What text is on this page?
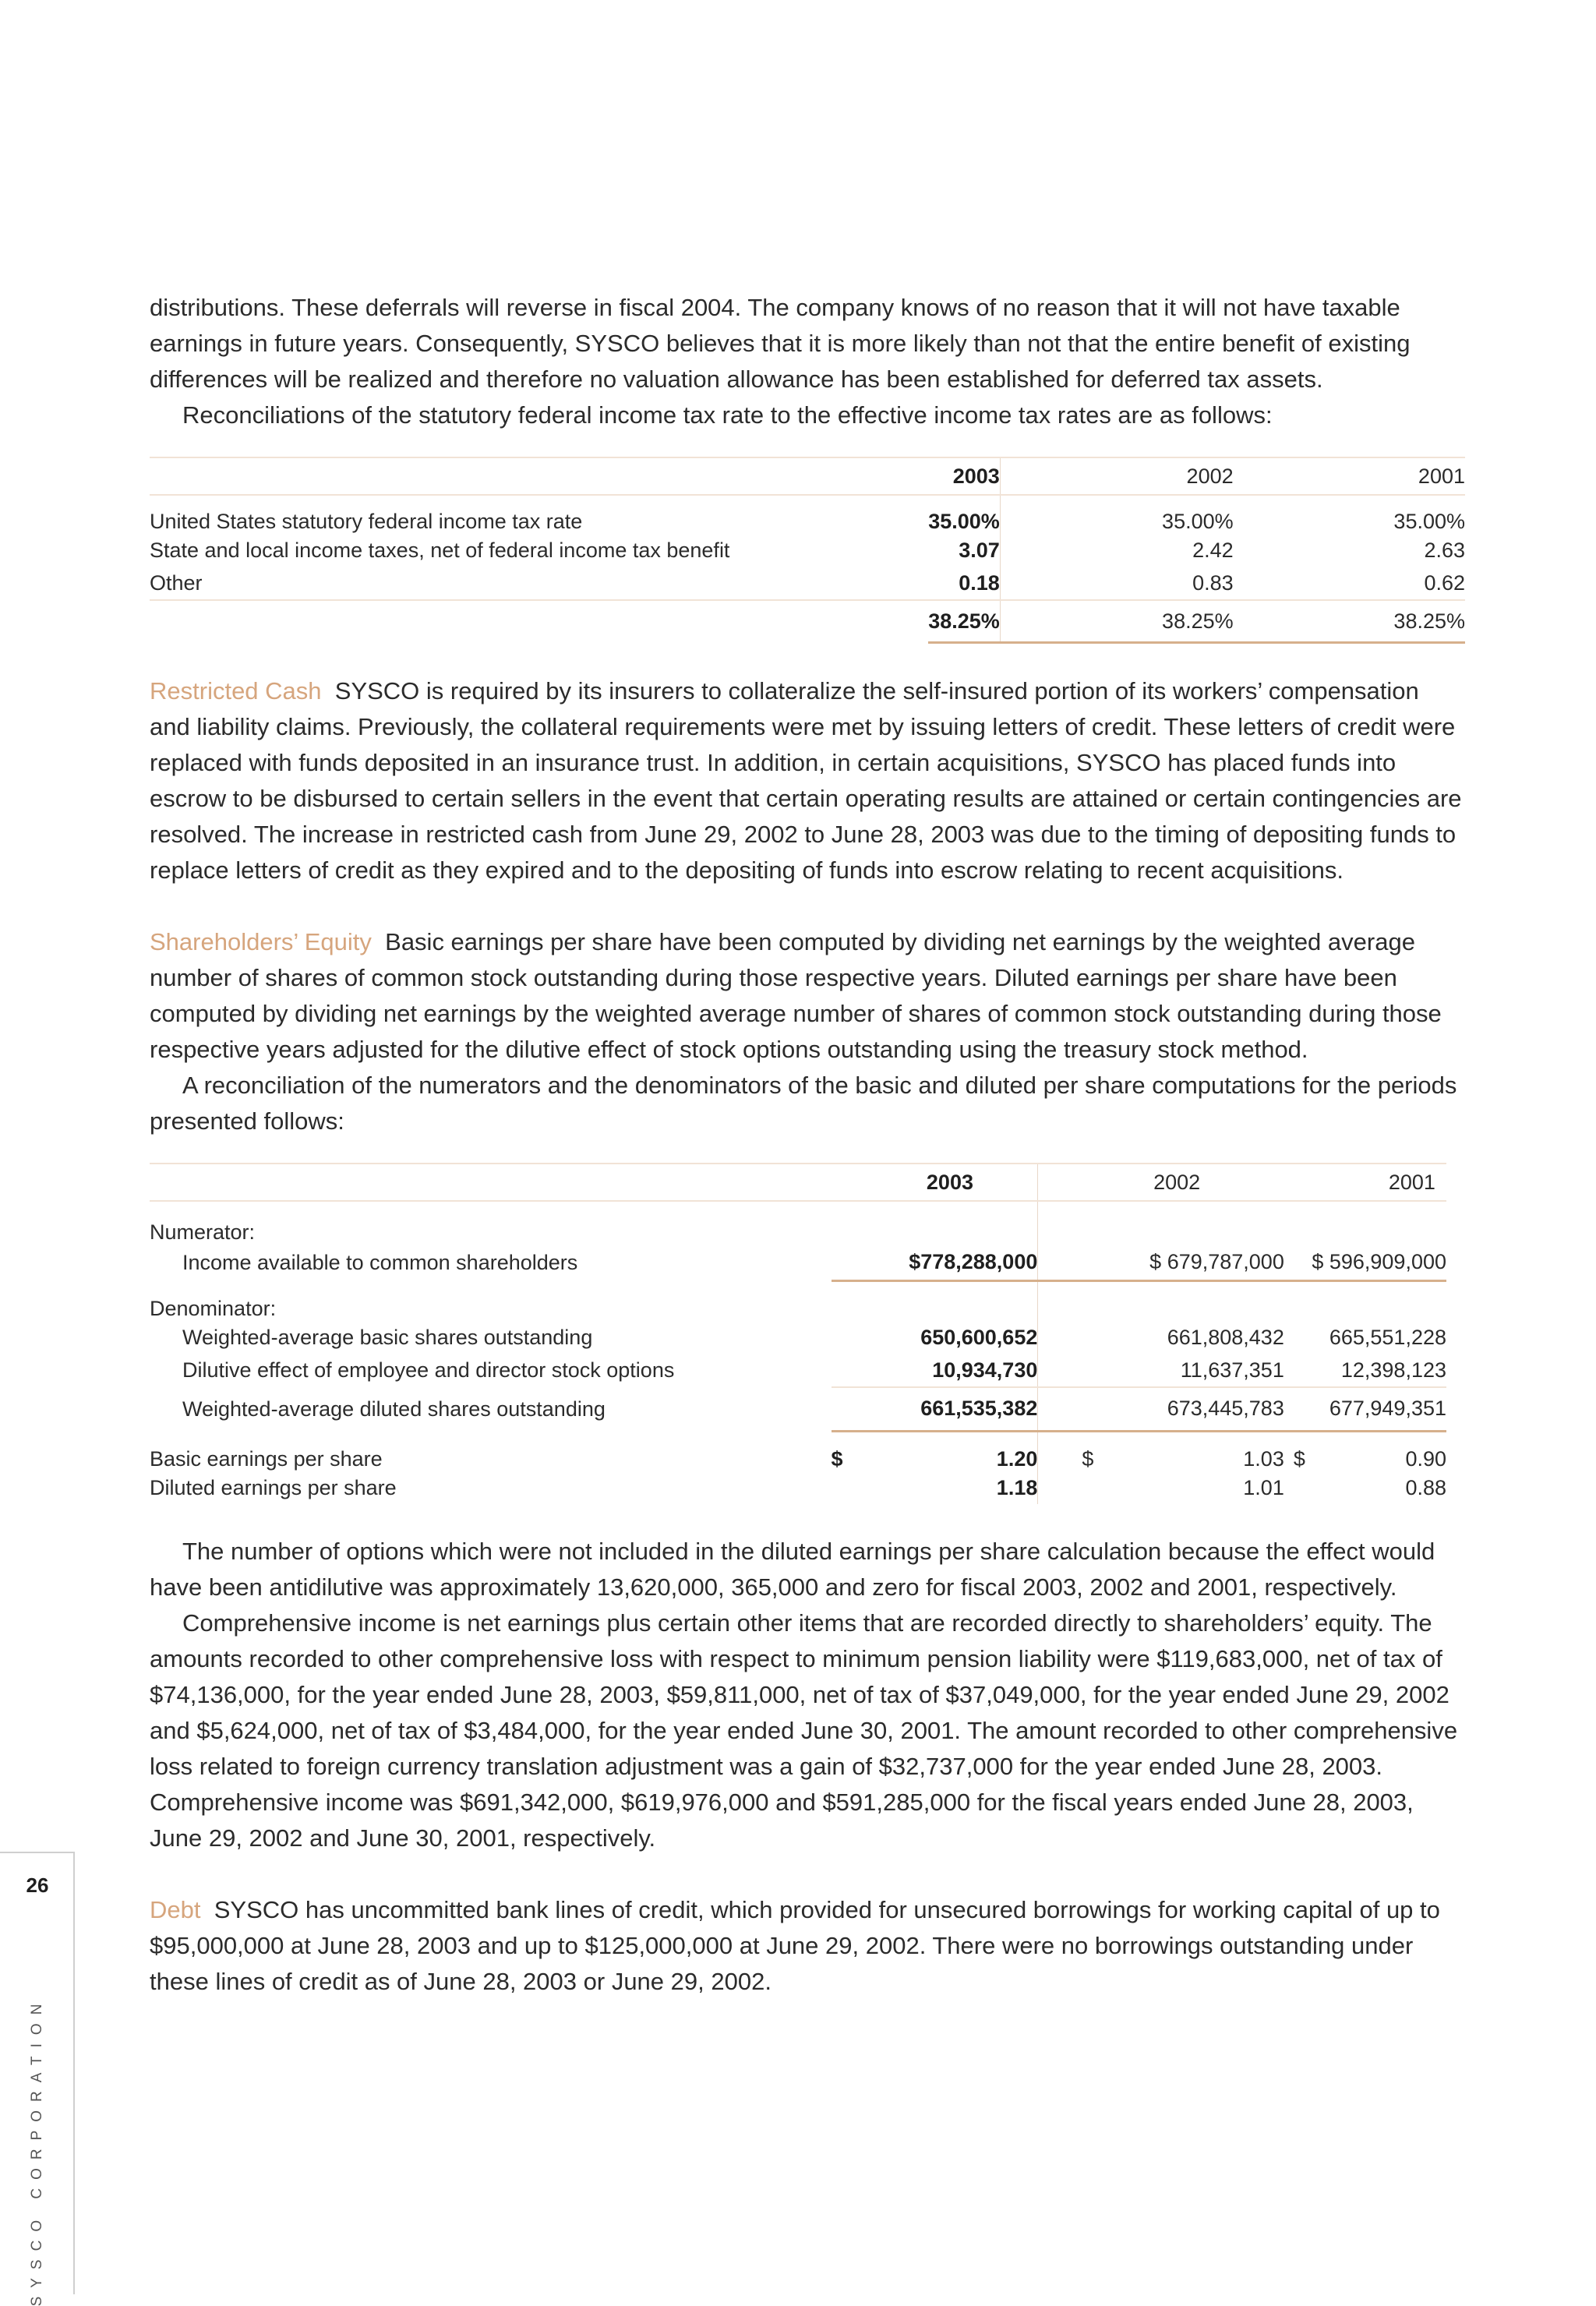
distributions. These deferrals will reverse in fiscal 2004. The company knows of no reason that it will not have taxable earnings in future years. Consequently, SYSCO believes that it is more likely than not that the entire benefit of existing differences will be realized and therefore no valuation allowance has been established for deferred tax assets.

Reconciliations of the statutory federal income tax rate to the effective income tax rates are as follows:

	2003	2002	2001
United States statutory federal income tax rate	35.00%	35.00%	35.00%
State and local income taxes, net of federal income tax benefit	3.07	2.42	2.63
Other	0.18	0.83	0.62
	38.25%	38.25%	38.25%

Restricted Cash SYSCO is required by its insurers to collateralize the self-insured portion of its workers’ compensation and liability claims. Previously, the collateral requirements were met by issuing letters of credit. These letters of credit were replaced with funds deposited in an insurance trust. In addition, in certain acquisitions, SYSCO has placed funds into escrow to be disbursed to certain sellers in the event that certain operating results are attained or certain contingencies are resolved. The increase in restricted cash from June 29, 2002 to June 28, 2003 was due to the timing of depositing funds to replace letters of credit as they expired and to the depositing of funds into escrow relating to recent acquisitions.

Shareholders’ Equity Basic earnings per share have been computed by dividing net earnings by the weighted average number of shares of common stock outstanding during those respective years. Diluted earnings per share have been computed by dividing net earnings by the weighted average number of shares of common stock outstanding during those respective years adjusted for the dilutive effect of stock options outstanding using the treasury stock method.

A reconciliation of the numerators and the denominators of the basic and diluted per share computations for the periods presented follows:

	2003		2002		2001	
Numerator:						
Income available to common shareholders	$778,288,000		$ 679,787,000		$ 596,909,000	
Denominator:						
Weighted-average basic shares outstanding	650,600,652		661,808,432		665,551,228	
Dilutive effect of employee and director stock options	10,934,730		11,637,351		12,398,123	
Weighted-average diluted shares outstanding	661,535,382		673,445,783		677,949,351	
Basic earnings per share	$	1.20	$	1.03	$	0.90
Diluted earnings per share		1.18		1.01		0.88

The number of options which were not included in the diluted earnings per share calculation because the effect would have been antidilutive was approximately 13,620,000, 365,000 and zero for fiscal 2003, 2002 and 2001, respectively.

Comprehensive income is net earnings plus certain other items that are recorded directly to shareholders’ equity. The amounts recorded to other comprehensive loss with respect to minimum pension liability were $119,683,000, net of tax of $74,136,000, for the year ended June 28, 2003, $59,811,000, net of tax of $37,049,000, for the year ended June 29, 2002 and $5,624,000, net of tax of $3,484,000, for the year ended June 30, 2001. The amount recorded to other comprehensive loss related to foreign currency translation adjustment was a gain of $32,737,000 for the year ended June 28, 2003. Comprehensive income was $691,342,000, $619,976,000 and $591,285,000 for the fiscal years ended June 28, 2003, June 29, 2002 and June 30, 2001, respectively.

Debt SYSCO has uncommitted bank lines of credit, which provided for unsecured borrowings for working capital of up to $95,000,000 at June 28, 2003 and up to $125,000,000 at June 29, 2002. There were no borrowings outstanding under these lines of credit as of June 28, 2003 or June 29, 2002.

26
SYSCO CORPORATION
